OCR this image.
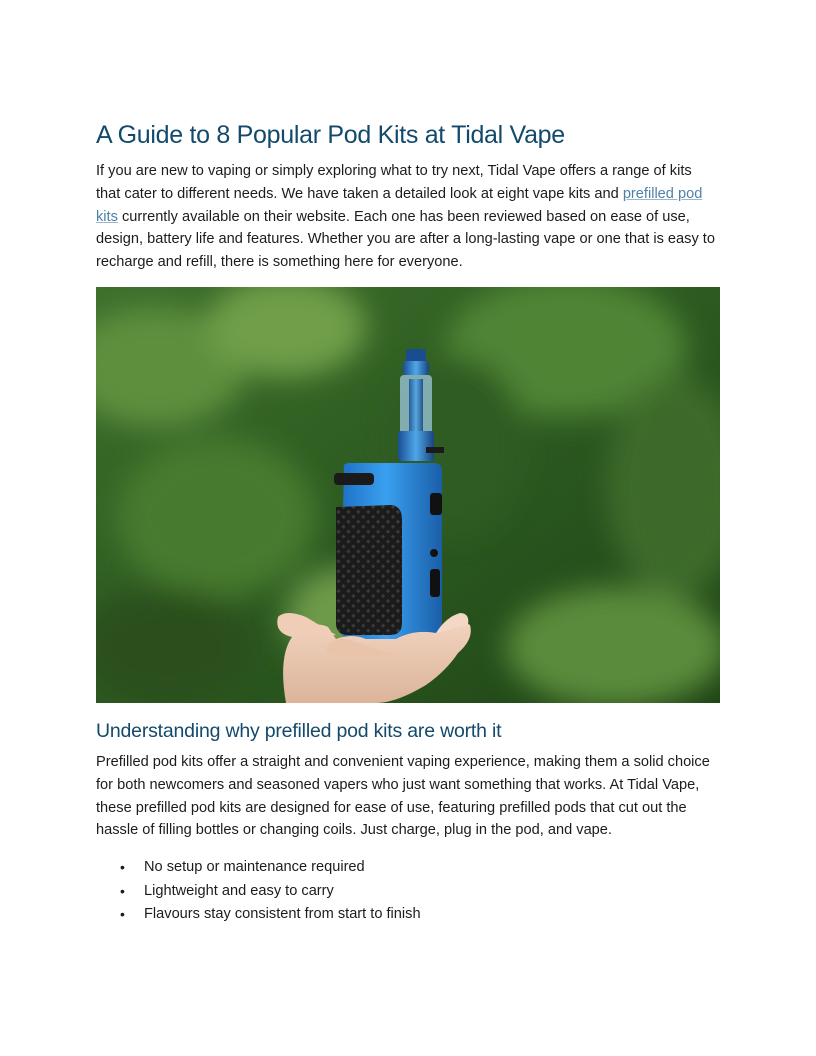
A Guide to 8 Popular Pod Kits at Tidal Vape

If you are new to vaping or simply exploring what to try next, Tidal Vape offers a range of kits that cater to different needs. We have taken a detailed look at eight vape kits and prefilled pod kits currently available on their website. Each one has been reviewed based on ease of use, design, battery life and features. Whether you are after a long-lasting vape or one that is easy to recharge and refill, there is something here for everyone.

Understanding why prefilled pod kits are worth it

Prefilled pod kits offer a straight and convenient vaping experience, making them a solid choice for both newcomers and seasoned vapers who just want something that works. At Tidal Vape, these prefilled pod kits are designed for ease of use, featuring prefilled pods that cut out the hassle of filling bottles or changing coils. Just charge, plug in the pod, and vape.

• No setup or maintenance required
• Lightweight and easy to carry
• Flavours stay consistent from start to finish
